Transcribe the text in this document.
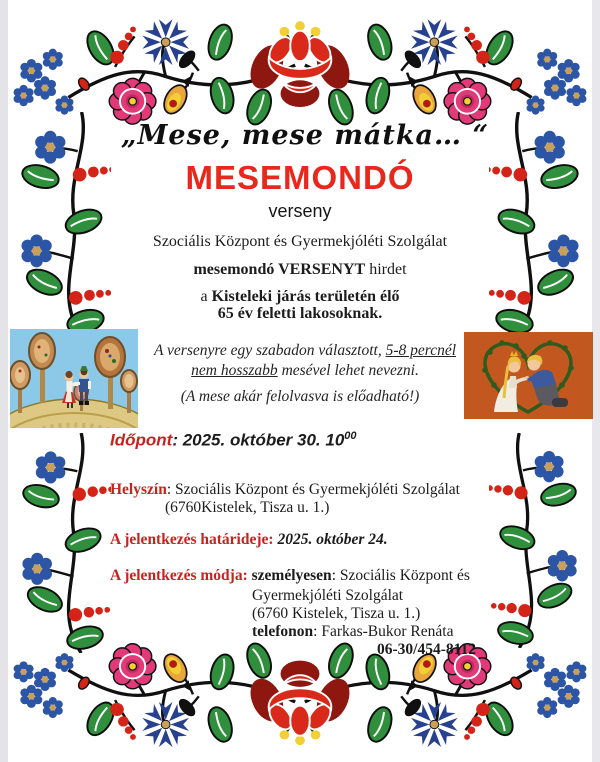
„Mese, mese mátka… “
MESEMONDÓ
verseny
Szociális Központ és Gyermekjóléti Szolgálat
mesemondó VERSENYT hirdet
a Kisteleki járás területén élő
65 év feletti lakosoknak.
A versenyre egy szabadon választott, 5-8 percnél nem hosszabb mesével lehet nevezni.
(A mese akár felolvasva is előadható!)
Időpont: 2025. október 30. $10^{00}$
Helyszín: Szociális Központ és Gyermekjóléti Szolgálat
(6760Kistelek, Tisza u. 1.)
A jelentkezés határideje: 2025. október 24.
A jelentkezés módja: személyesen: Szociális Központ és
Gyermekjóléti Szolgálat
(6760 Kistelek, Tisza u. 1.)
telefonon: Farkas-Bukor Renáta
06-30/454-8112
